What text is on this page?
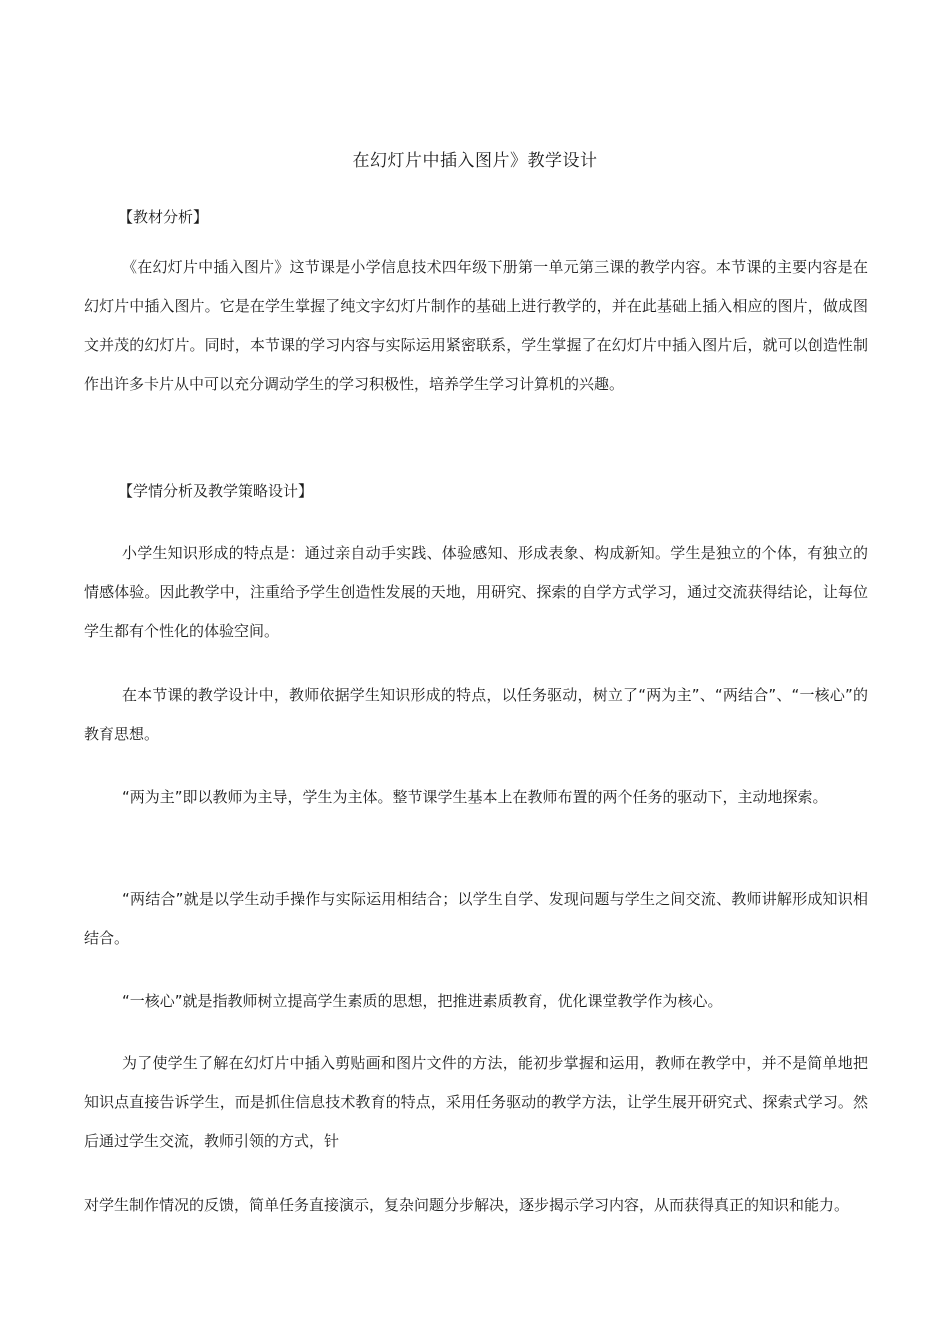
在幻灯片中插入图片》教学设计
【教材分析】

《在幻灯片中插入图片》这节课是小学信息技术四年级下册第一单元第三课的教学内容。本节课的主要内容是在幻灯片中插入图片。它是在学生掌握了纯文字幻灯片制作的基础上进行教学的，并在此基础上插入相应的图片，做成图文并茂的幻灯片。同时，本节课的学习内容与实际运用紧密联系，学生掌握了在幻灯片中插入图片后，就可以创造性制作出许多卡片从中可以充分调动学生的学习积极性，培养学生学习计算机的兴趣。

【学情分析及教学策略设计】

小学生知识形成的特点是：通过亲自动手实践、体验感知、形成表象、构成新知。学生是独立的个体，有独立的情感体验。因此教学中，注重给予学生创造性发展的天地，用研究、探索的自学方式学习，通过交流获得结论，让每位学生都有个性化的体验空间。

在本节课的教学设计中，教师依据学生知识形成的特点，以任务驱动，树立了“两为主”、“两结合”、“一核心”的教育思想。

“两为主”即以教师为主导，学生为主体。整节课学生基本上在教师布置的两个任务的驱动下，主动地探索。

“两结合”就是以学生动手操作与实际运用相结合；以学生自学、发现问题与学生之间交流、教师讲解形成知识相结合。

“一核心”就是指教师树立提高学生素质的思想，把推进素质教育，优化课堂教学作为核心。

为了使学生了解在幻灯片中插入剪贴画和图片文件的方法，能初步掌握和运用，教师在教学中，并不是简单地把知识点直接告诉学生，而是抓住信息技术教育的特点，采用任务驱动的教学方法，让学生展开研究式、探索式学习。然后通过学生交流，教师引领的方式，针

对学生制作情况的反馈，简单任务直接演示，复杂问题分步解决，逐步揭示学习内容，从而获得真正的知识和能力。
